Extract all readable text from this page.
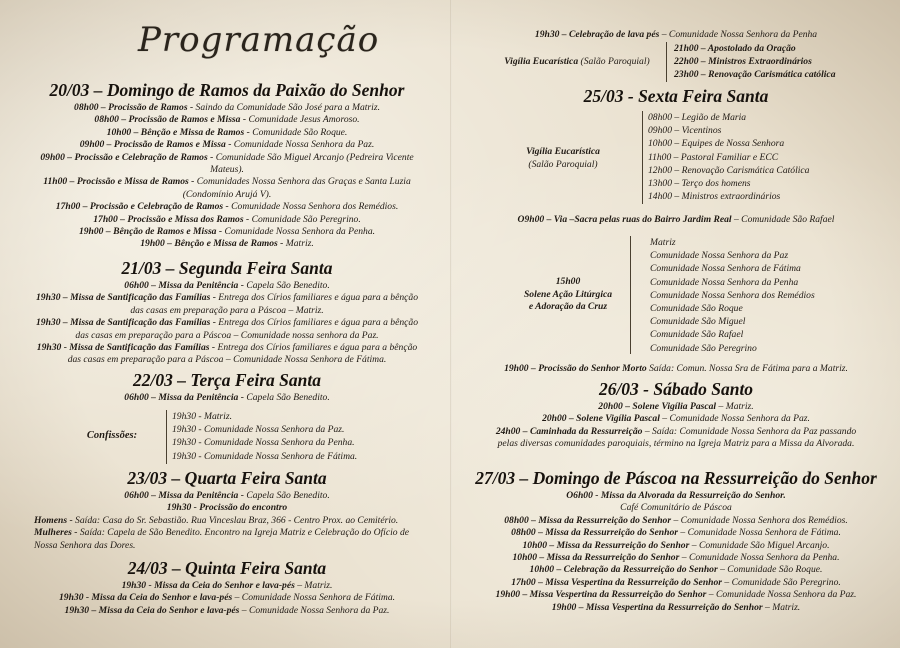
Programação

20/03 – Domingo de Ramos da Paixão do Senhor

08h00 – Procissão de Ramos - Saindo da Comunidade São José para a Matriz.

08h00 – Procissão de Ramos e Missa - Comunidade Jesus Amoroso.

10h00 – Bênção e Missa de Ramos - Comunidade São Roque.

09h00 – Procissão de Ramos e Missa - Comunidade Nossa Senhora da Paz.

09h00 – Procissão e Celebração de Ramos - Comunidade São Miguel Arcanjo (Pedreira Vicente Mateus).

11h00 – Procissão e Missa de Ramos - Comunidades Nossa Senhora das Graças e Santa Luzia (Condomínio Arujá V).

17h00 – Procissão e Celebração de Ramos - Comunidade Nossa Senhora dos Remédios.

17h00 – Procissão e Missa dos Ramos - Comunidade São Peregrino.

19h00 – Bênção de Ramos e Missa - Comunidade Nossa Senhora da Penha.

19h00 – Bênção e Missa de Ramos - Matriz.

21/03 – Segunda Feira Santa

06h00 – Missa da Penitência - Capela São Benedito.

19h30 – Missa de Santificação das Famílias - Entrega dos Círios familiares e água para a bênção das casas em preparação para a Páscoa – Matriz.

19h30 – Missa de Santificação das Famílias - Entrega dos Círios familiares e água para a bênção das casas em preparação para a Páscoa – Comunidade nossa senhora da Paz.

19h30 - Missa de Santificação das Famílias - Entrega dos Círios familiares e água para a bênção das casas em preparação para a Páscoa – Comunidade Nossa Senhora de Fátima.

22/03 – Terça Feira Santa

06h00 – Missa da Penitência - Capela São Benedito.

Confissões:
19h30 - Matriz.
19h30 - Comunidade Nossa Senhora da Paz.
19h30 - Comunidade Nossa Senhora da Penha.
19h30 - Comunidade Nossa Senhora de Fátima.

23/03 – Quarta Feira Santa

06h00 – Missa da Penitência - Capela São Benedito.

19h30 - Procissão do encontro

Homens - Saída: Casa do Sr. Sebastião. Rua Vinceslau Braz, 366 - Centro Prox. ao Cemitério.

Mulheres - Saída: Capela de São Benedito. Encontro na Igreja Matriz e Celebração do Ofício de Nossa Senhora das Dores.

24/03 – Quinta Feira Santa

19h30 - Missa da Ceia do Senhor e lava-pés – Matriz.

19h30 - Missa da Ceia do Senhor e lava-pés – Comunidade Nossa Senhora de Fátima.

19h30 – Missa da Ceia do Senhor e lava-pés – Comunidade Nossa Senhora da Paz.

19h30 – Celebração de lava pés – Comunidade Nossa Senhora da Penha

Vigília Eucarística (Salão Paroquial)
21h00 – Apostolado da Oração
22h00 – Ministros Extraordinários
23h00 – Renovação Carismática católica

25/03 - Sexta Feira Santa

Vigília Eucarística
(Salão Paroquial)
08h00 – Legião de Maria
09h00 – Vicentinos
10h00 – Equipes de Nossa Senhora
11h00 – Pastoral Familiar e ECC
12h00 – Renovação Carismática Católica
13h00 – Terço dos homens
14h00 – Ministros extraordinários

O9h00 – Via –Sacra pelas ruas do Bairro Jardim Real – Comunidade São Rafael

15h00
Solene Ação Litúrgica
e Adoração da Cruz
Matriz
Comunidade Nossa Senhora da Paz
Comunidade Nossa Senhora de Fátima
Comunidade Nossa Senhora da Penha
Comunidade Nossa Senhora dos Remédios
Comunidade São Roque
Comunidade São Miguel
Comunidade São Rafael
Comunidade São Peregrino

19h00 – Procissão do Senhor Morto Saída: Comun. Nossa Sra de Fátima para a Matriz.

26/03 - Sábado Santo

20h00 – Solene Vigília Pascal – Matriz.

20h00 – Solene Vigília Pascal – Comunidade Nossa Senhora da Paz.

24h00 – Caminhada da Ressurreição – Saída: Comunidade Nossa Senhora da Paz passando pelas diversas comunidades paroquiais, término na Igreja Matriz para a Missa da Alvorada.

27/03 – Domingo de Páscoa na Ressurreição do Senhor

O6h00 - Missa da Alvorada da Ressurreição do Senhor.

Café Comunitário de Páscoa

08h00 – Missa da Ressurreição do Senhor – Comunidade Nossa Senhora dos Remédios.

08h00 – Missa da Ressurreição do Senhor – Comunidade Nossa Senhora de Fátima.

10h00 – Missa da Ressurreição do Senhor – Comunidade São Miguel Arcanjo.

10h00 – Missa da Ressurreição do Senhor – Comunidade Nossa Senhora da Penha.

10h00 – Celebração da Ressurreição do Senhor – Comunidade São Roque.

17h00 – Missa Vespertina da Ressurreição do Senhor – Comunidade São Peregrino.

19h00 – Missa Vespertina da Ressurreição do Senhor – Comunidade Nossa Senhora da Paz.

19h00 – Missa Vespertina da Ressurreição do Senhor – Matriz.
